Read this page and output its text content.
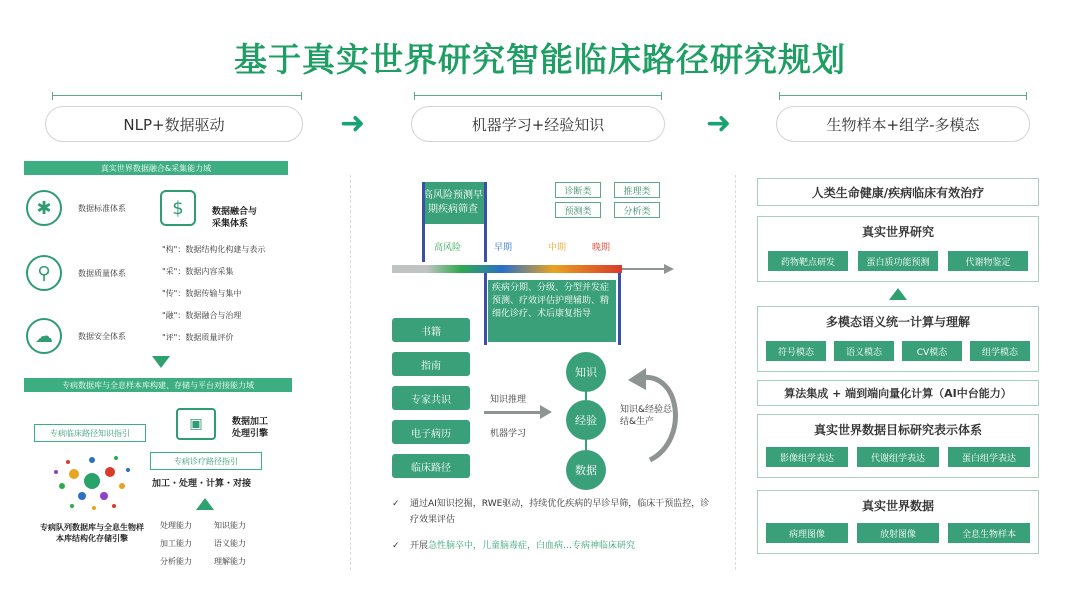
基于真实世界研究智能临床路径研究规划
NLP+数据驱动	➜	机器学习+经验知识	➜	生物样本+组学-多模态
真实世界数据融合&采集能力域
✱	数据标准体系
⚲	数据质量体系
☁	数据安全体系
$	数据融合与采集体系
"构"：数据结构化构建与表示
"采"：数据内容采集
"传"：数据传输与集中
"融"：数据融合与治理
"评"：数据质量评价
专病数据库与全息样本库构建、存储与平台对接能力域
专病临床路径知识指引
▣	数据加工处理引擎
专病诊疗路径指引
加工・处理・计算・对接
处理能力	知识能力
加工能力	语义能力
分析能力	理解能力
专病队列数据库与全息生物样本库结构化存储引擎
高风险预测早期疾病筛查
诊断类	推理类
预测类	分析类
高风险	早期	中期	晚期
疾病分期、分级、分型并发症预测、疗效评估护理辅助、精细化诊疗、术后康复指导
书籍
指南
专家共识
电子病历
临床路径
知识推理
机器学习
知识
经验
数据
知识&经验总结&生产
✓ 通过AI知识挖掘，RWE驱动，持续优化疾病的早诊早筛，临床干预监控，诊疗效果评估
✓ 开展急性脑卒中，儿童脑毒症，白血病…专病神临床研究
人类生命健康/疾病临床有效治疗
真实世界研究
药物靶点研发	蛋白质功能预测	代谢物鉴定
多模态语义统一计算与理解
符号模态	语义模态	CV模态	组学模态
算法集成 + 端到端向量化计算（AI中台能力）
真实世界数据目标研究表示体系
影像组学表达	代谢组学表达	蛋白组学表达
真实世界数据
病理图像	放射图像	全息生物样本
